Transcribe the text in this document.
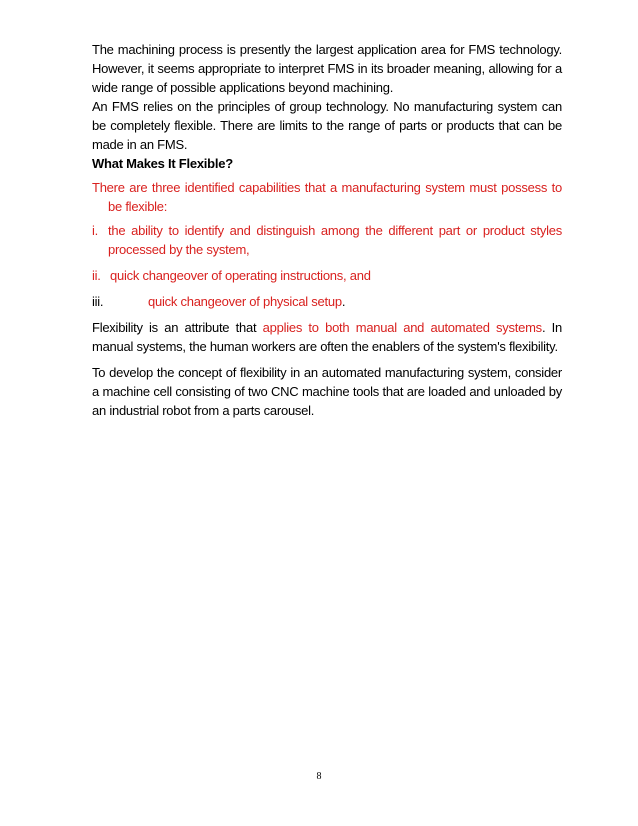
The machining process is presently the largest application area for FMS technology. However, it seems appropriate to interpret FMS in its broader meaning, allowing for a wide range of possible applications beyond machining.

An FMS relies on the principles of group technology. No manufacturing system can be completely flexible. There are limits to the range of parts or products that can be made in an FMS.

What Makes It Flexible?

There are three identified capabilities that a manufacturing system must possess to be flexible:

i. the ability to identify and distinguish among the different part or product styles processed by the system,
ii. quick changeover of operating instructions, and
iii.	quick changeover of physical setup.

Flexibility is an attribute that applies to both manual and automated systems. In manual systems, the human workers are often the enablers of the system's flexibility.

To develop the concept of flexibility in an automated manufacturing system, consider a machine cell consisting of two CNC machine tools that are loaded and unloaded by an industrial robot from a parts carousel.

8
